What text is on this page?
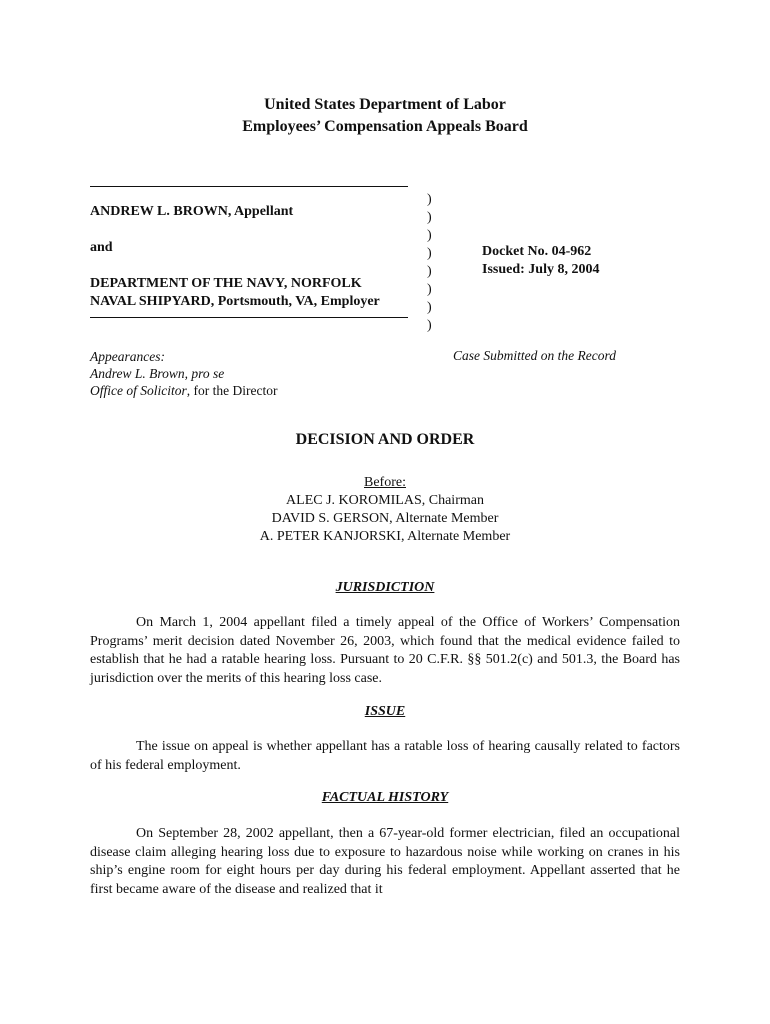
United States Department of Labor
Employees’ Compensation Appeals Board
ANDREW L. BROWN, Appellant
and
DEPARTMENT OF THE NAVY, NORFOLK
NAVAL SHIPYARD, Portsmouth, VA, Employer
)
)
)
)
)
)
)
)
Docket No. 04-962
Issued: July 8, 2004
Appearances:
Andrew L. Brown, pro se
Office of Solicitor, for the Director
Case Submitted on the Record
DECISION AND ORDER
Before:
ALEC J. KOROMILAS, Chairman
DAVID S. GERSON, Alternate Member
A. PETER KANJORSKI, Alternate Member
JURISDICTION
On March 1, 2004 appellant filed a timely appeal of the Office of Workers’ Compensation Programs’ merit decision dated November 26, 2003, which found that the medical evidence failed to establish that he had a ratable hearing loss. Pursuant to 20 C.F.R. §§ 501.2(c) and 501.3, the Board has jurisdiction over the merits of this hearing loss case.
ISSUE
The issue on appeal is whether appellant has a ratable loss of hearing causally related to factors of his federal employment.
FACTUAL HISTORY
On September 28, 2002 appellant, then a 67-year-old former electrician, filed an occupational disease claim alleging hearing loss due to exposure to hazardous noise while working on cranes in his ship’s engine room for eight hours per day during his federal employment. Appellant asserted that he first became aware of the disease and realized that it
